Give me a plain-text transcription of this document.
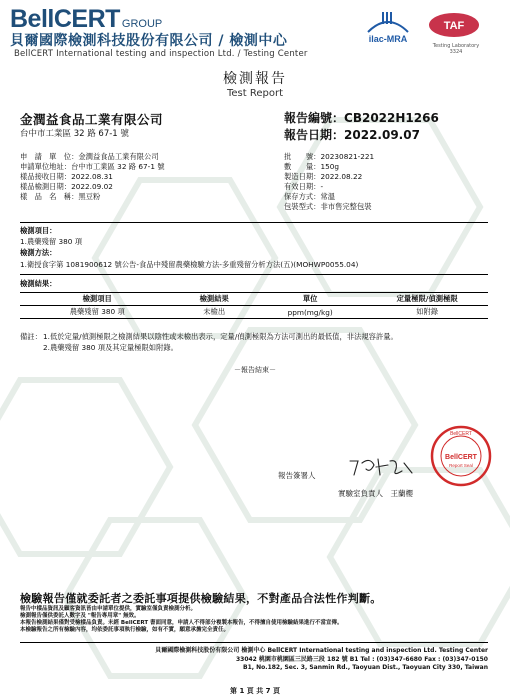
BellCERT GROUP
貝爾國際檢測科技股份有限公司 / 檢測中心
BellCERT International testing and inspection Ltd. / Testing Center
ilac-MRA
TAF
Testing Laboratory
3324
檢測報告
Test Report
金潤益食品工業有限公司
台中市工業區 32 路 67-1 號
報告編號：CB2022H1266
報告日期：2022.09.07
申　請　單　位：金潤益食品工業有限公司
申請單位地址：台中市工業區 32 路 67-1 號
樣品接收日期：2022.08.31
樣品檢測日期：2022.09.02
樣　品　名　稱：黑豆粉
批　　號：20230821-221
數　　量：150g
製造日期：2022.08.22
有效日期：-
保存方式：常溫
包裝型式：非市售完整包裝
檢測項目：
1.農藥殘留 380 項
檢測方法：
1.衛授食字第 1081900612 號公告-食品中殘留農藥檢驗方法-多重殘留分析方法(五)(MOHWP0055.04)
檢測結果：
檢測項目	檢測結果	單位	定量極限/偵測極限
農藥殘留 380 項	未檢出	ppm(mg/kg)	如附錄
備註： 1.低於定量/偵測極限之檢測結果以陰性或未檢出表示，定量/偵測極限為方法可測出的最低值，非法規容許量。
2.農藥殘留 380 項及其定量極限如附錄。
－報告結束－
BellCERT
BellCERT
Report Seal
報告簽署人
實驗室負責人　王蘭櫻
檢驗報告僅就委託者之委託事項提供檢驗結果，不對產品合法性作判斷。
報告中樣品資訊及顧客資訊皆由申請單位提供，實驗室僅負責檢測分析。
檢測報告僅供委託人數字及 "報告專用章" 無效。
本報告檢測結果僅對受檢樣品負責。未經 BellCERT 書面同意，申請人不得部分複製本報告，不得擅自使用檢驗結果進行不當宣傳。
本檢驗報告之所有檢驗內容，均依委託事項執行檢驗，如有不實，願意承擔完全責任。
貝爾國際檢測科技股份有限公司 檢測中心 BellCERT International testing and inspection Ltd. Testing Center
33042 桃園市桃園區三民路三段 182 號 B1 Tel : (03)347-6680 Fax : (03)347-0150
B1, No.182, Sec. 3, Sanmin Rd., Taoyuan Dist., Taoyuan City 330, Taiwan
第 1 頁 共 7 頁
